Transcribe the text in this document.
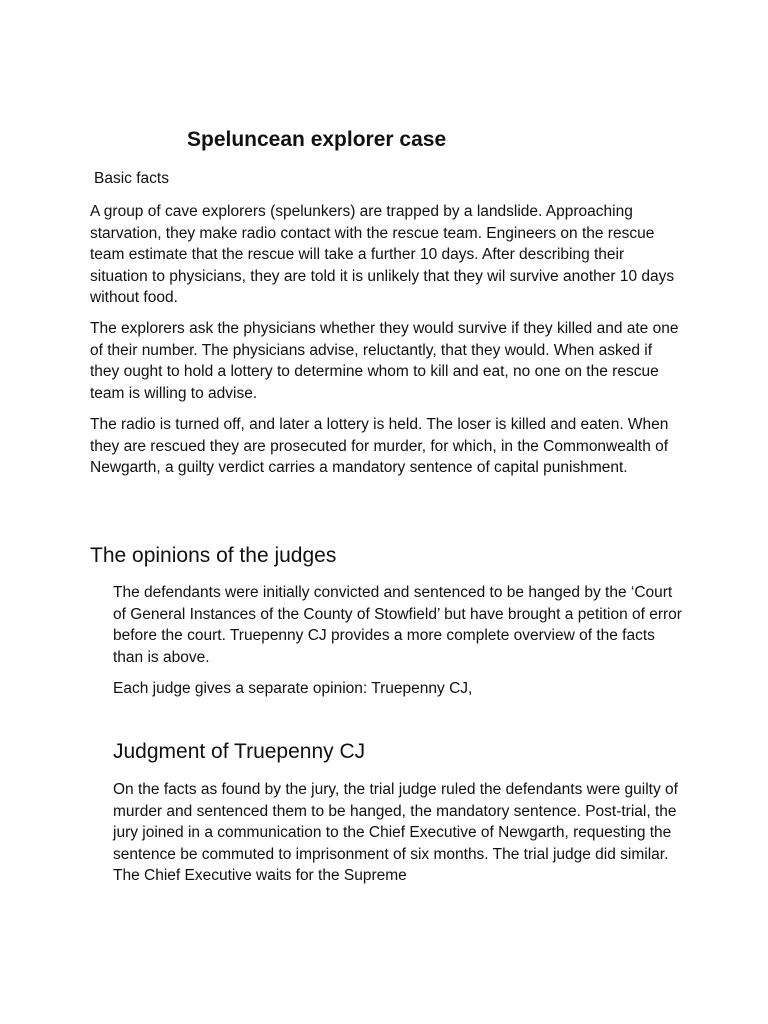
Speluncean explorer case

Basic facts

A group of cave explorers (spelunkers) are trapped by a landslide. Approaching starvation, they make radio contact with the rescue team. Engineers on the rescue team estimate that the rescue will take a further 10 days. After describing their situation to physicians, they are told it is unlikely that they wil survive another 10 days without food.

The explorers ask the physicians whether they would survive if they killed and ate one of their number. The physicians advise, reluctantly, that they would. When asked if they ought to hold a lottery to determine whom to kill and eat, no one on the rescue team is willing to advise.

The radio is turned off, and later a lottery is held. The loser is killed and eaten. When they are rescued they are prosecuted for murder, for which, in the Commonwealth of Newgarth, a guilty verdict carries a mandatory sentence of capital punishment.

The opinions of the judges

The defendants were initially convicted and sentenced to be hanged by the ‘Court of General Instances of the County of Stowfield’ but have brought a petition of error before the court. Truepenny CJ provides a more complete overview of the facts than is above.

Each judge gives a separate opinion: Truepenny CJ,

Judgment of Truepenny CJ

On the facts as found by the jury, the trial judge ruled the defendants were guilty of murder and sentenced them to be hanged, the mandatory sentence. Post-trial, the jury joined in a communication to the Chief Executive of Newgarth, requesting the sentence be commuted to imprisonment of six months. The trial judge did similar. The Chief Executive waits for the Supreme
